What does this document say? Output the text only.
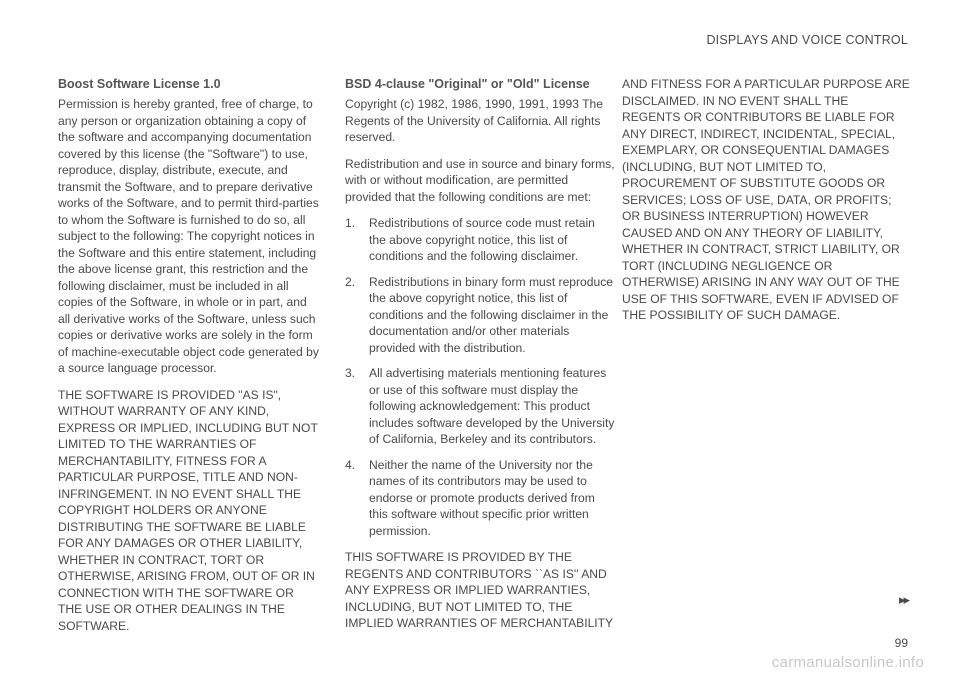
DISPLAYS AND VOICE CONTROL
Boost Software License 1.0

Permission is hereby granted, free of charge, to any person or organization obtaining a copy of the software and accompanying documentation covered by this license (the "Software") to use, reproduce, display, distribute, execute, and transmit the Software, and to prepare derivative works of the Software, and to permit third-parties to whom the Software is furnished to do so, all subject to the following: The copyright notices in the Software and this entire statement, including the above license grant, this restriction and the following disclaimer, must be included in all copies of the Software, in whole or in part, and all derivative works of the Software, unless such copies or derivative works are solely in the form of machine-executable object code generated by a source language processor.

THE SOFTWARE IS PROVIDED "AS IS", WITHOUT WARRANTY OF ANY KIND, EXPRESS OR IMPLIED, INCLUDING BUT NOT LIMITED TO THE WARRANTIES OF MERCHANTABILITY, FITNESS FOR A PARTICULAR PURPOSE, TITLE AND NON-INFRINGEMENT. IN NO EVENT SHALL THE COPYRIGHT HOLDERS OR ANYONE DISTRIBUTING THE SOFTWARE BE LIABLE FOR ANY DAMAGES OR OTHER LIABILITY, WHETHER IN CONTRACT, TORT OR OTHERWISE, ARISING FROM, OUT OF OR IN CONNECTION WITH THE SOFTWARE OR THE USE OR OTHER DEALINGS IN THE SOFTWARE.

BSD 4-clause "Original" or "Old" License

Copyright (c) 1982, 1986, 1990, 1991, 1993 The Regents of the University of California. All rights reserved.

Redistribution and use in source and binary forms, with or without modification, are permitted provided that the following conditions are met:

1. Redistributions of source code must retain the above copyright notice, this list of conditions and the following disclaimer.
2. Redistributions in binary form must reproduce the above copyright notice, this list of conditions and the following disclaimer in the documentation and/or other materials provided with the distribution.
3. All advertising materials mentioning features or use of this software must display the following acknowledgement: This product includes software developed by the University of California, Berkeley and its contributors.
4. Neither the name of the University nor the names of its contributors may be used to endorse or promote products derived from this software without specific prior written permission.

THIS SOFTWARE IS PROVIDED BY THE REGENTS AND CONTRIBUTORS ``AS IS'' AND ANY EXPRESS OR IMPLIED WARRANTIES, INCLUDING, BUT NOT LIMITED TO, THE IMPLIED WARRANTIES OF MERCHANTABILITY

AND FITNESS FOR A PARTICULAR PURPOSE ARE DISCLAIMED. IN NO EVENT SHALL THE REGENTS OR CONTRIBUTORS BE LIABLE FOR ANY DIRECT, INDIRECT, INCIDENTAL, SPECIAL, EXEMPLARY, OR CONSEQUENTIAL DAMAGES (INCLUDING, BUT NOT LIMITED TO, PROCUREMENT OF SUBSTITUTE GOODS OR SERVICES; LOSS OF USE, DATA, OR PROFITS; OR BUSINESS INTERRUPTION) HOWEVER CAUSED AND ON ANY THEORY OF LIABILITY, WHETHER IN CONTRACT, STRICT LIABILITY, OR TORT (INCLUDING NEGLIGENCE OR OTHERWISE) ARISING IN ANY WAY OUT OF THE USE OF THIS SOFTWARE, EVEN IF ADVISED OF THE POSSIBILITY OF SUCH DAMAGE.

▸▸
99
carmanualsonline.info
